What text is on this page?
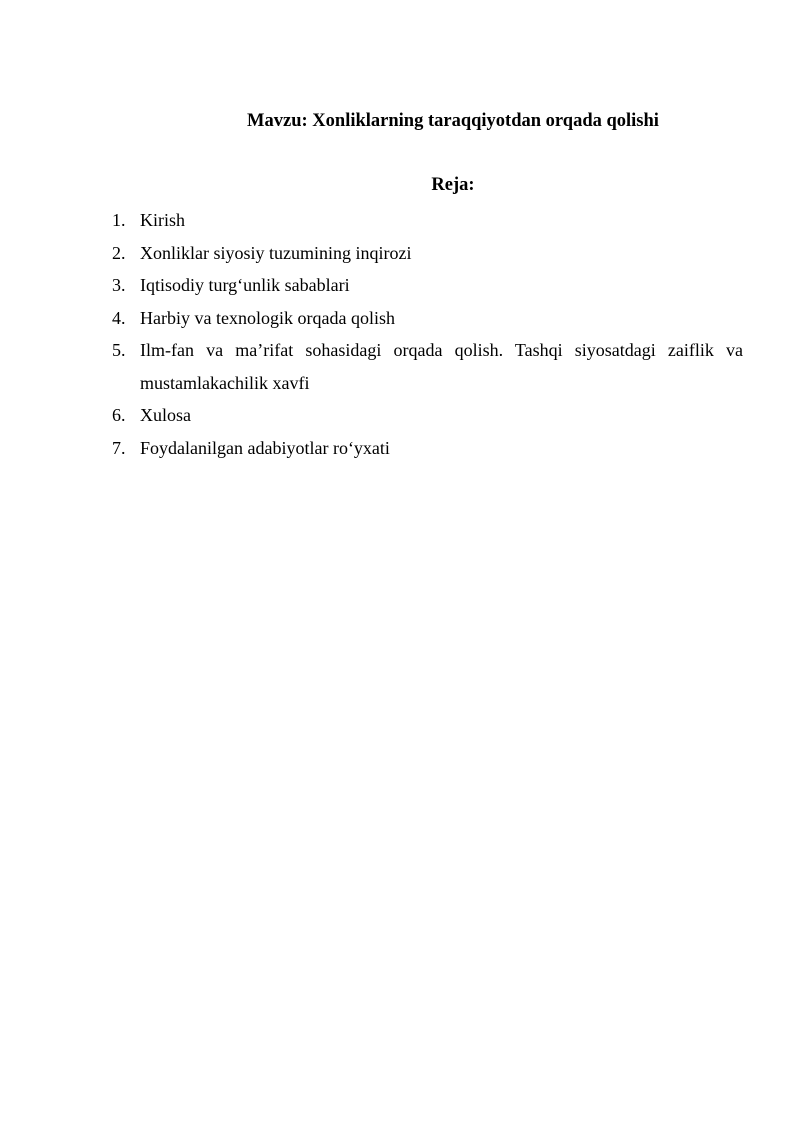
Mavzu: Xonliklarning taraqqiyotdan orqada qolishi

Reja:

1. Kirish
2. Xonliklar siyosiy tuzumining inqirozi
3. Iqtisodiy turg‘unlik sabablari
4. Harbiy va texnologik orqada qolish
5. Ilm-fan va ma’rifat sohasidagi orqada qolish. Tashqi siyosatdagi zaiflik va mustamlakachilik xavfi
6. Xulosa
7. Foydalanilgan adabiyotlar ro‘yxati
